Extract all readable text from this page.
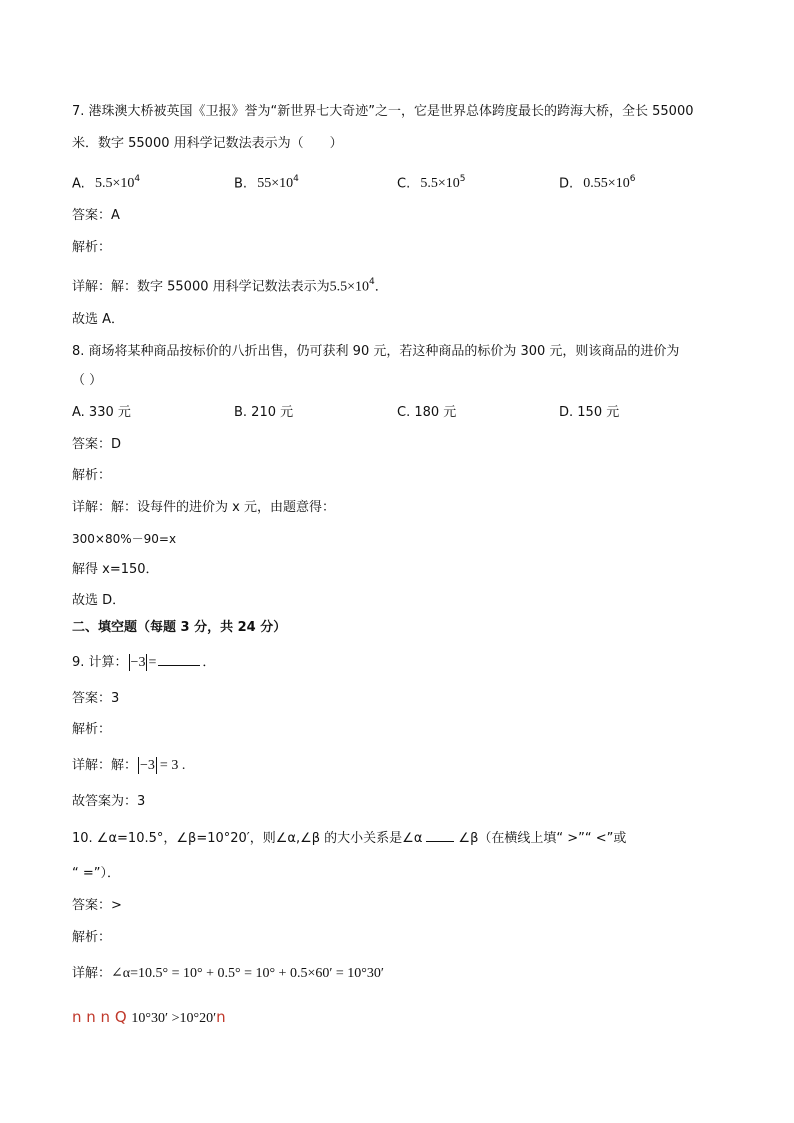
7. 港珠澳大桥被英国《卫报》誉为“新世界七大奇迹”之一，它是世界总体跨度最长的跨海大桥，全长 55000
米．数字 55000 用科学记数法表示为（　　）
A. $5.5\times 10^4$	B. $55\times 10^4$	C. $5.5\times 10^5$	D. $0.55\times 10^6$
答案：A
解析：
详解：解：数字 55000 用科学记数法表示为$5.5\times 10^4$．
故选 A．
8. 商场将某种商品按标价的八折出售，仍可获利 90 元，若这种商品的标价为 300 元，则该商品的进价为
（ ）
A. 330 元	B. 210 元	C. 180 元	D. 150 元
答案：D
解析：
详解：解：设每件的进价为 x 元，由题意得：
300×80%－90=x
解得 x=150．
故选 D．
二、填空题（每题 3 分，共 24 分）
9. 计算： −3 =	．
答案：3
解析：
详解：解： −3 = 3 .
故答案为：3
10. ∠α=10.5°，∠β=10°20′，则∠α,∠β 的大小关系是∠α	∠β（在横线上填“ >”“ <”或
“ =”）．
答案：>
解析：
详解：∠α=10.5° = 10° + 0.5° = 10° + 0.5×60′ = 10°30′
n n n Q 10°30′ >10°20′n
